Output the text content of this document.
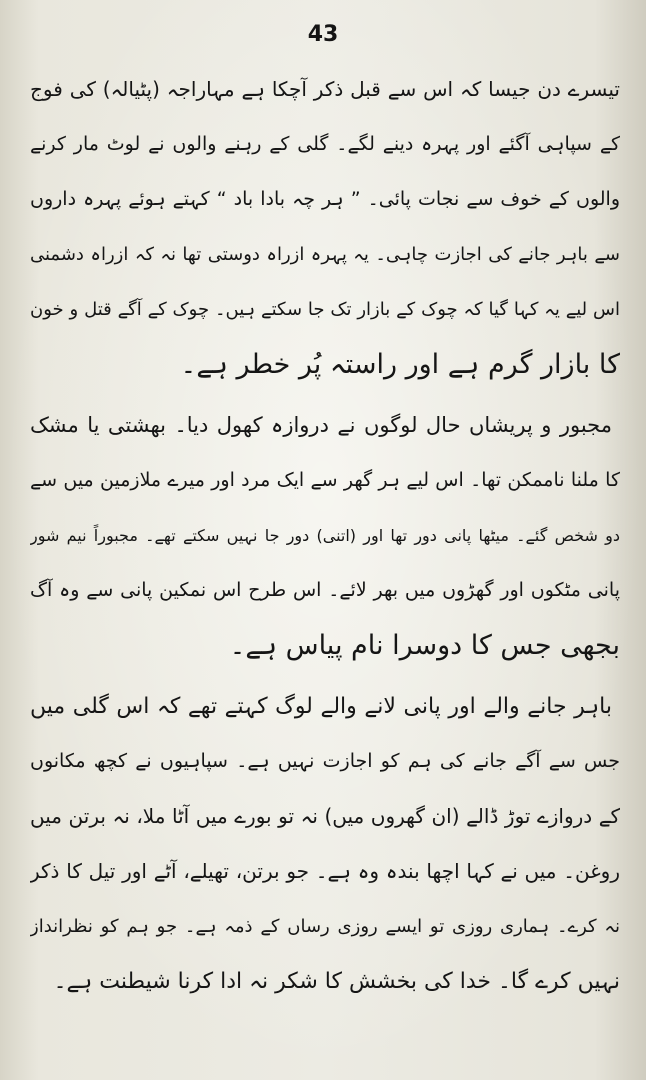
43
تیسرے دن جیسا کہ اس سے قبل ذکر آچکا ہے مہاراجہ (پٹیالہ) کی فوج
کے سپاہی آگئے اور پہرہ دینے لگے۔ گلی کے رہنے والوں نے لوٹ مار کرنے
والوں کے خوف سے نجات پائی۔ ” ہر چہ بادا باد “ کہتے ہوئے پہرہ داروں
سے باہر جانے کی اجازت چاہی۔ یہ پہرہ ازراہ دوستی تھا نہ کہ ازراہ دشمنی
اس لیے یہ کہا گیا کہ چوک کے بازار تک جا سکتے ہیں۔ چوک کے آگے قتل و خون
کا بازار گرم ہے اور راستہ پُر خطر ہے۔
مجبور و پریشاں حال لوگوں نے دروازہ کھول دیا۔ بھشتی یا مشک
کا ملنا ناممکن تھا۔ اس لیے ہر گھر سے ایک مرد اور میرے ملازمین میں سے
دو شخص گئے۔ میٹھا پانی دور تھا اور (اتنی) دور جا نہیں سکتے تھے۔ مجبوراً نیم شور
پانی مٹکوں اور گھڑوں میں بھر لائے۔ اس طرح اس نمکین پانی سے وہ آگ
بجھی جس کا دوسرا نام پیاس ہے۔
باہر جانے والے اور پانی لانے والے لوگ کہتے تھے کہ اس گلی میں
جس سے آگے جانے کی ہم کو اجازت نہیں ہے۔ سپاہیوں نے کچھ مکانوں
کے دروازے توڑ ڈالے (ان گھروں میں) نہ تو بورے میں آٹا ملا، نہ برتن میں
روغن۔ میں نے کہا اچھا بندہ وہ ہے۔ جو برتن، تھیلے، آٹے اور تیل کا ذکر
نہ کرے۔ ہماری روزی تو ایسے روزی رساں کے ذمہ ہے۔ جو ہم کو نظرانداز
نہیں کرے گا۔ خدا کی بخشش کا شکر نہ ادا کرنا شیطنت ہے۔
